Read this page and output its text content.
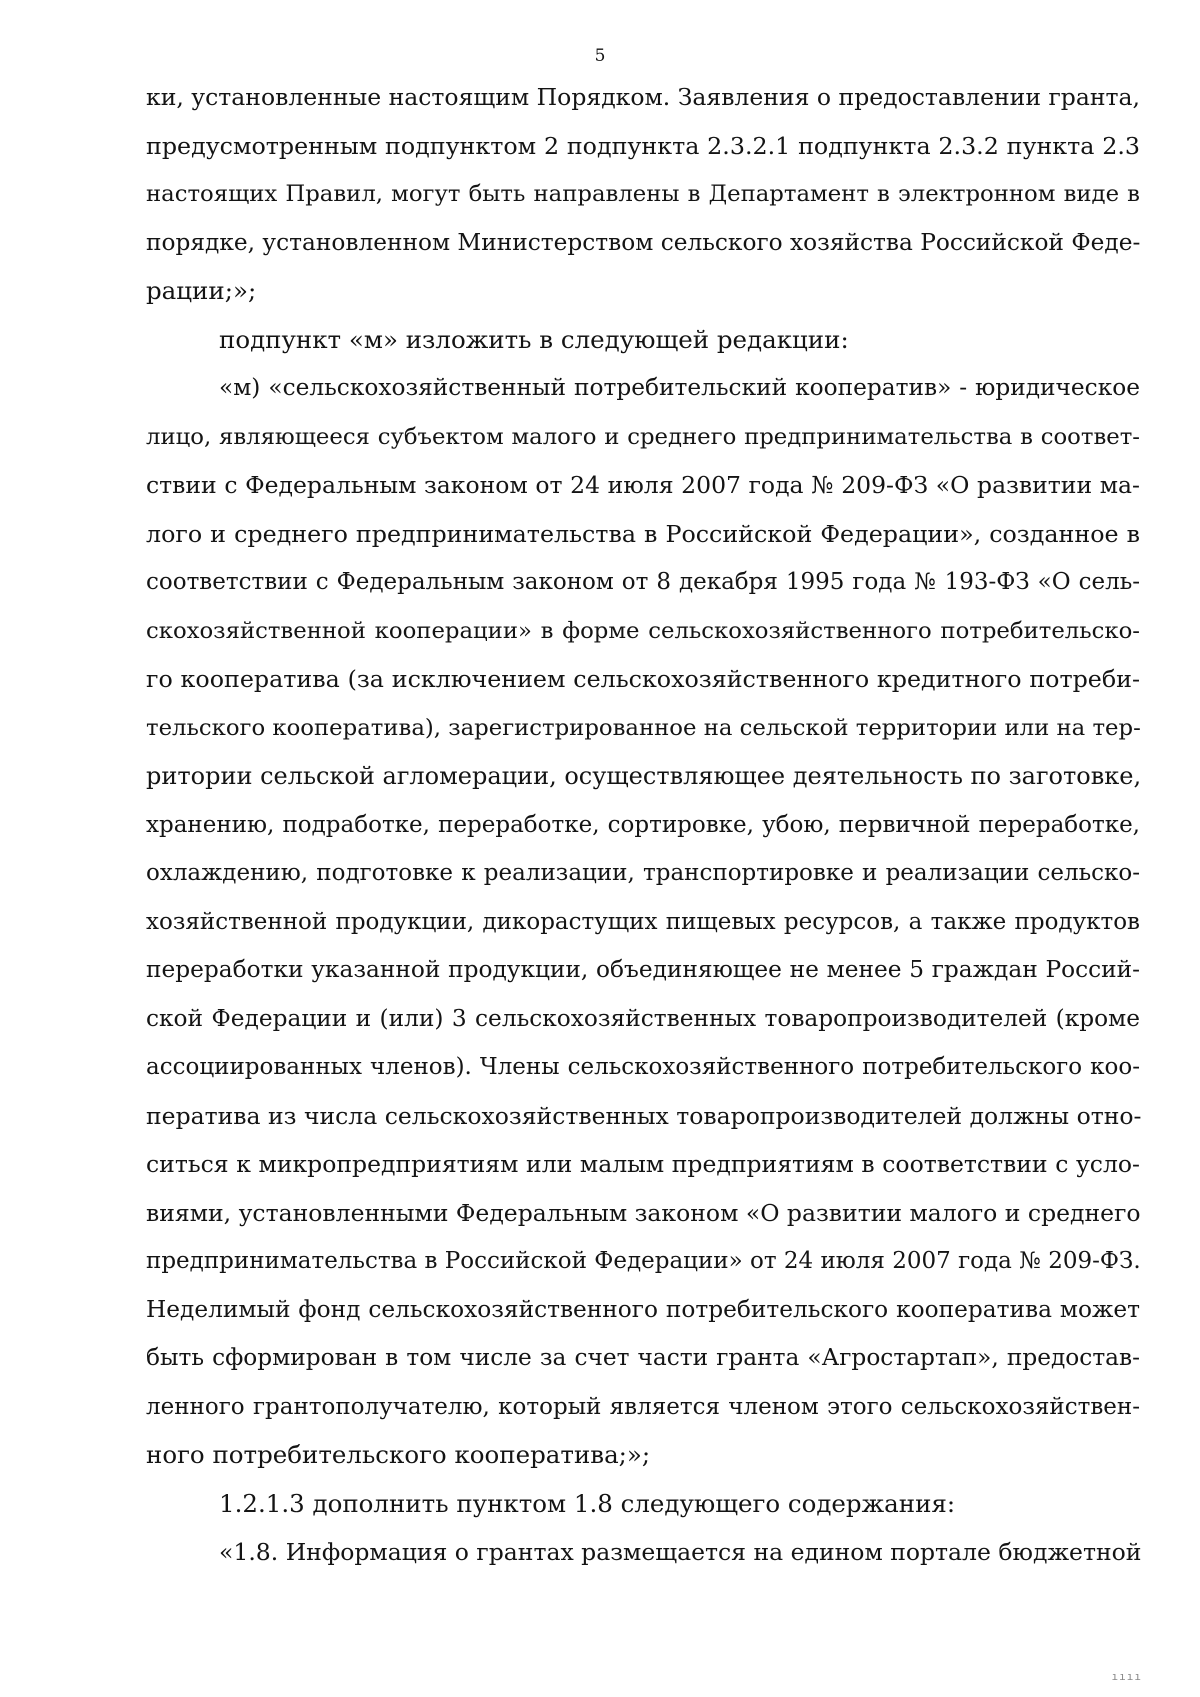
5
ки, установленные настоящим Порядком. Заявления о предоставлении гранта,
предусмотренным подпунктом 2 подпункта 2.3.2.1 подпункта 2.3.2 пункта 2.3
настоящих Правил, могут быть направлены в Департамент в электронном виде в
порядке, установленном Министерством сельского хозяйства Российской Феде-
рации;»;
подпункт «м» изложить в следующей редакции:
«м) «сельскохозяйственный потребительский кооператив» - юридическое
лицо, являющееся субъектом малого и среднего предпринимательства в соответ-
ствии с Федеральным законом от 24 июля 2007 года № 209-ФЗ «О развитии ма-
лого и среднего предпринимательства в Российской Федерации», созданное в
соответствии с Федеральным законом от 8 декабря 1995 года № 193-ФЗ «О сель-
скохозяйственной кооперации» в форме сельскохозяйственного потребительско-
го кооператива (за исключением сельскохозяйственного кредитного потреби-
тельского кооператива), зарегистрированное на сельской территории или на тер-
ритории сельской агломерации, осуществляющее деятельность по заготовке,
хранению, подработке, переработке, сортировке, убою, первичной переработке,
охлаждению, подготовке к реализации, транспортировке и реализации сельско-
хозяйственной продукции, дикорастущих пищевых ресурсов, а также продуктов
переработки указанной продукции, объединяющее не менее 5 граждан Россий-
ской Федерации и (или) 3 сельскохозяйственных товаропроизводителей (кроме
ассоциированных членов). Члены сельскохозяйственного потребительского коо-
ператива из числа сельскохозяйственных товаропроизводителей должны отно-
ситься к микропредприятиям или малым предприятиям в соответствии с усло-
виями, установленными Федеральным законом «О развитии малого и среднего
предпринимательства в Российской Федерации» от 24 июля 2007 года № 209-ФЗ.
Неделимый фонд сельскохозяйственного потребительского кооператива может
быть сформирован в том числе за счет части гранта «Агростартап», предостав-
ленного грантополучателю, который является членом этого сельскохозяйствен-
ного потребительского кооператива;»;
1.2.1.3 дополнить пунктом 1.8 следующего содержания:
«1.8. Информация о грантах размещается на едином портале бюджетной
ıııı
